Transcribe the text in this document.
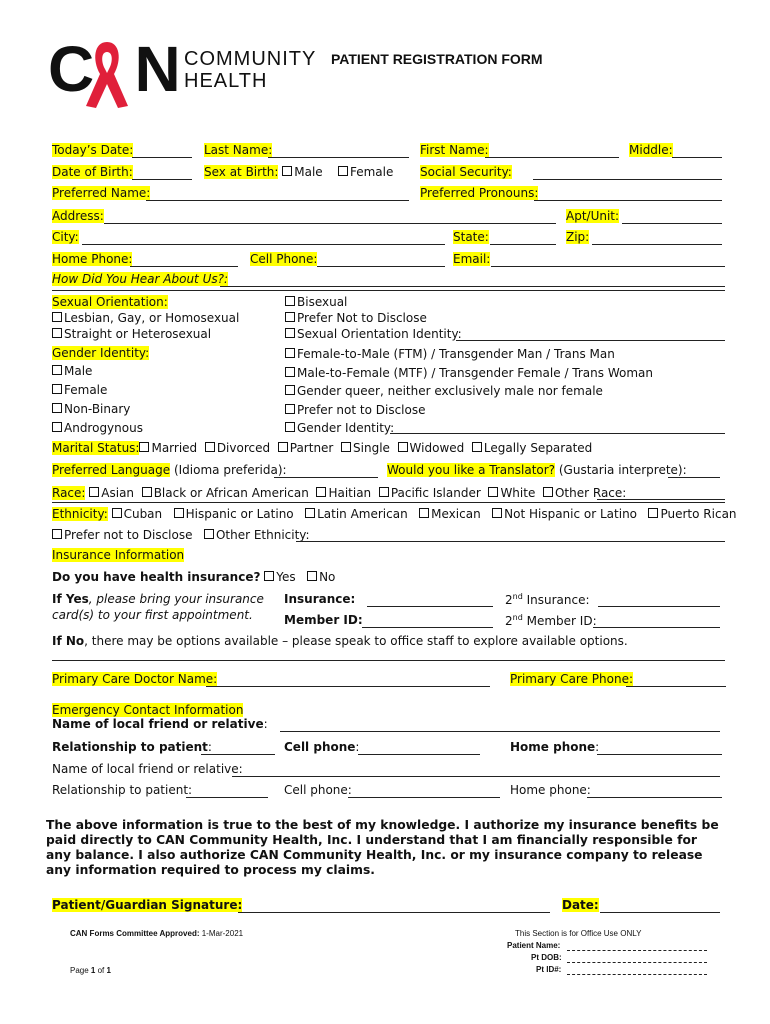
C N COMMUNITY
HEALTH
PATIENT REGISTRATION FORM
Today’s Date:	Last Name:	First Name:	Middle:
Date of Birth:	Sex at Birth: Male Female Social Security:
Preferred Name:	Preferred Pronouns:
Address:	Apt/Unit:
City:	State:	Zip:
Home Phone:	Cell Phone:	Email:
How Did You Hear About Us?:
Sexual Orientation:
Lesbian, Gay, or Homosexual
Straight or Heterosexual
Gender Identity:
Male
Female
Non-Binary
Androgynous
Bisexual
Prefer Not to Disclose
Sexual Orientation Identity:
Female-to-Male (FTM) / Transgender Man / Trans Man
Male-to-Female (MTF) / Transgender Female / Trans Woman
Gender queer, neither exclusively male nor female
Prefer not to Disclose
Gender Identity:
Marital Status: Married Divorced Partner Single Widowed Legally Separated
Preferred Language (Idioma preferida):	Would you like a Translator? (Gustaria interprete):
Race: Asian Black or African American Haitian Pacific Islander White Other Race:
Ethnicity: Cuban Hispanic or Latino Latin American Mexican Not Hispanic or Latino Puerto Rican
Prefer not to Disclose Other Ethnicity:
Insurance Information
Do you have health insurance? Yes No
If Yes, please bring your insurance
card(s) to your first appointment.
Insurance:
Member ID:
2nd Insurance:
2nd Member ID:
If No, there may be options available – please speak to office staff to explore available options.
Primary Care Doctor Name:	Primary Care Phone:
Emergency Contact Information
Name of local friend or relative:
Relationship to patient:	Cell phone:	Home phone:
Name of local friend or relative:
Relationship to patient:	Cell phone:	Home phone:
The above information is true to the best of my knowledge. I authorize my insurance benefits be paid directly to CAN Community Health, Inc. I understand that I am financially responsible for any balance. I also authorize CAN Community Health, Inc. or my insurance company to release any information required to process my claims.
Patient/Guardian Signature:	Date:
CAN Forms Committee Approved: 1-Mar-2021
Page 1 of 1
This Section is for Office Use ONLY
Patient Name:
Pt DOB:
Pt ID#:
